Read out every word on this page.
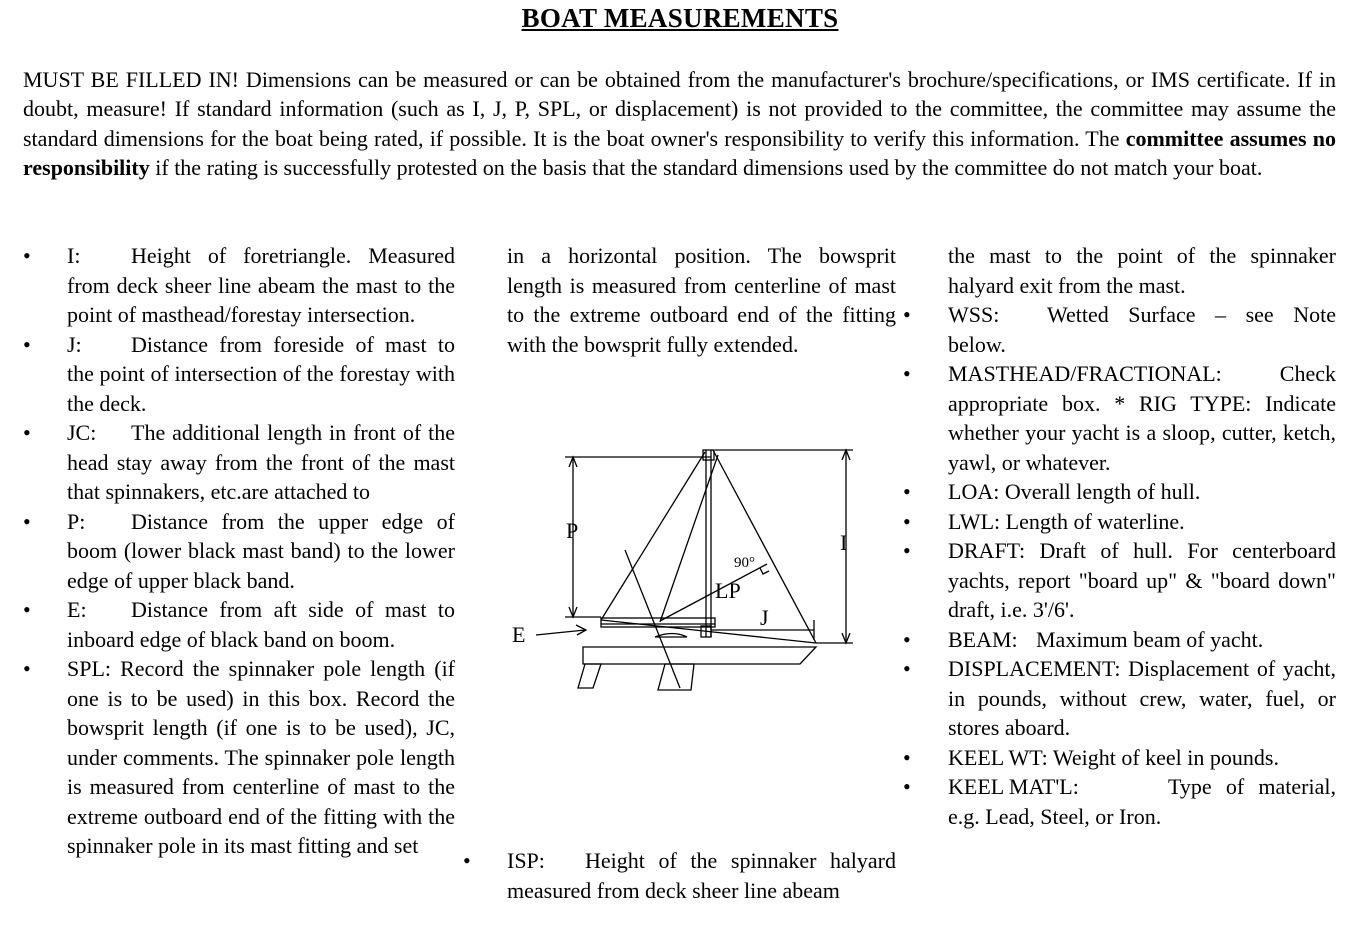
BOAT MEASUREMENTS
MUST BE FILLED IN! Dimensions can be measured or can be obtained from the manufacturer's brochure/specifications, or IMS certificate. If in doubt, measure! If standard information (such as I, J, P, SPL, or displacement) is not provided to the committee, the committee may assume the standard dimensions for the boat being rated, if possible. It is the boat owner's responsibility to verify this information. The committee assumes no responsibility if the rating is successfully protested on the basis that the standard dimensions used by the committee do not match your boat.
• I: Height of foretriangle. Measured from deck sheer line abeam the mast to the point of masthead/forestay intersection.
• J: Distance from foreside of mast to the point of intersection of the forestay with the deck.
• JC: The additional length in front of the head stay away from the front of the mast that spinnakers, etc.are attached to
• P: Distance from the upper edge of boom (lower black mast band) to the lower edge of upper black band.
• E: Distance from aft side of mast to inboard edge of black band on boom.
• SPL: Record the spinnaker pole length (if one is to be used) in this box. Record the bowsprit length (if one is to be used), JC, under comments. The spinnaker pole length is measured from centerline of mast to the extreme outboard end of the fitting with the spinnaker pole in its mast fitting and set
in a horizontal position. The bowsprit length is measured from centerline of mast to the extreme outboard end of the fitting with the bowsprit fully extended.
P	I
LP
J
E
90°
• ISP: Height of the spinnaker halyard measured from deck sheer line abeam
the mast to the point of the spinnaker halyard exit from the mast.
• WSS: Wetted Surface – see Note below.
• MASTHEAD/FRACTIONAL:	Check appropriate box. * RIG TYPE: Indicate whether your yacht is a sloop, cutter, ketch, yawl, or whatever.
• LOA: Overall length of hull.
• LWL: Length of waterline.
• DRAFT: Draft of hull. For centerboard yachts, report "board up" & "board down" draft, i.e. 3'/6'.
• BEAM: Maximum beam of yacht.
• DISPLACEMENT: Displacement of yacht, in pounds, without crew, water, fuel, or stores aboard.
• KEEL WT: Weight of keel in pounds.
• KEEL MAT'L:	Type of material, e.g. Lead, Steel, or Iron.
